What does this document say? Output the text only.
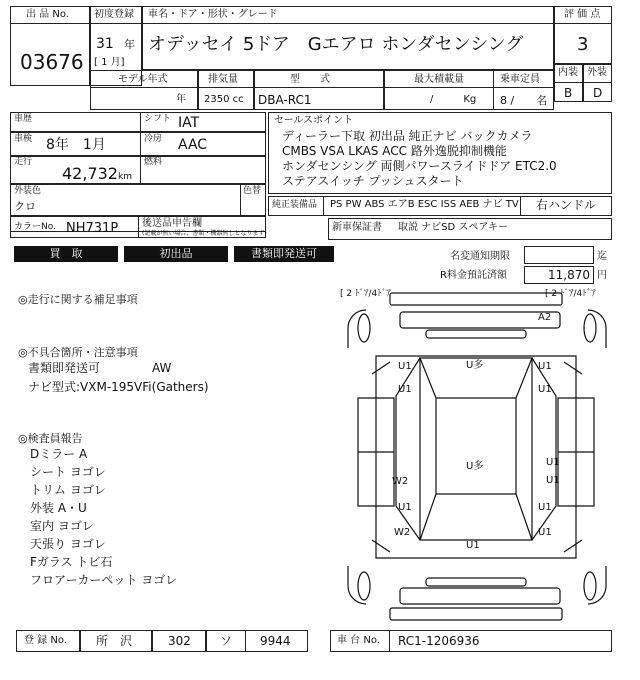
出 品 No.
03676
初度登録
31 年
[ 1 月]
車名・ドア・形状・グレード
オデッセイ 5ドア　Gエアロ ホンダセンシング
評 価 点
3
内装 外装
B D
モデル年式
年
排気量
2350 cc
型　　式
DBA-RC1
最大積載量
/　　　Kg
乗車定員
8 /　　名
車歴	シフト IAT
車検 8年　1月	冷房 AAC
走行
42,732 km
燃料
外装色
クロ
色替
カラーNo. NH731P 後送品申告欄
(記載が無い場合、書類・機器無しとなります)
セールスポイント
ディーラー下取 初出品 純正ナビ バックカメラ
CMBS VSA LKAS ACC 路外逸脱抑制機能
ホンダセンシング 両側パワースライドドア ETC2.0
ステアスイッチ プッシュスタート
純正装備品 PS PW ABS エアB ESC ISS AEB ナビ TV 右ハンドル
新車保証書 取説 ナビSD スペアキー
買　取	初出品	書類即発送可	名変通知期限	迄
R料金預託済額	11,870 円
◎走行に関する補足事項
◎不具合箇所・注意事項
書類即発送可	AW
ナビ型式:VXM-195VFi(Gathers)
◎検査員報告
Dミラー A
シート ヨゴレ
トリム ヨゴレ
外装 A・U
室内 ヨゴレ
天張り ヨゴレ
Fガラス トビ石
フロアーカーペット ヨゴレ
[ 2 ﾄﾞｱ/4ﾄﾞｱ	[ 2 ﾄﾞｱ/4ﾄﾞｱ
A2
U多
U1	U1
U1	U1
U多	U1
U1
W2
U1	U1
W2	U1
U1
登 録 No. 所　沢	302 ソ 9944	車 台 No. RC1-1206936
